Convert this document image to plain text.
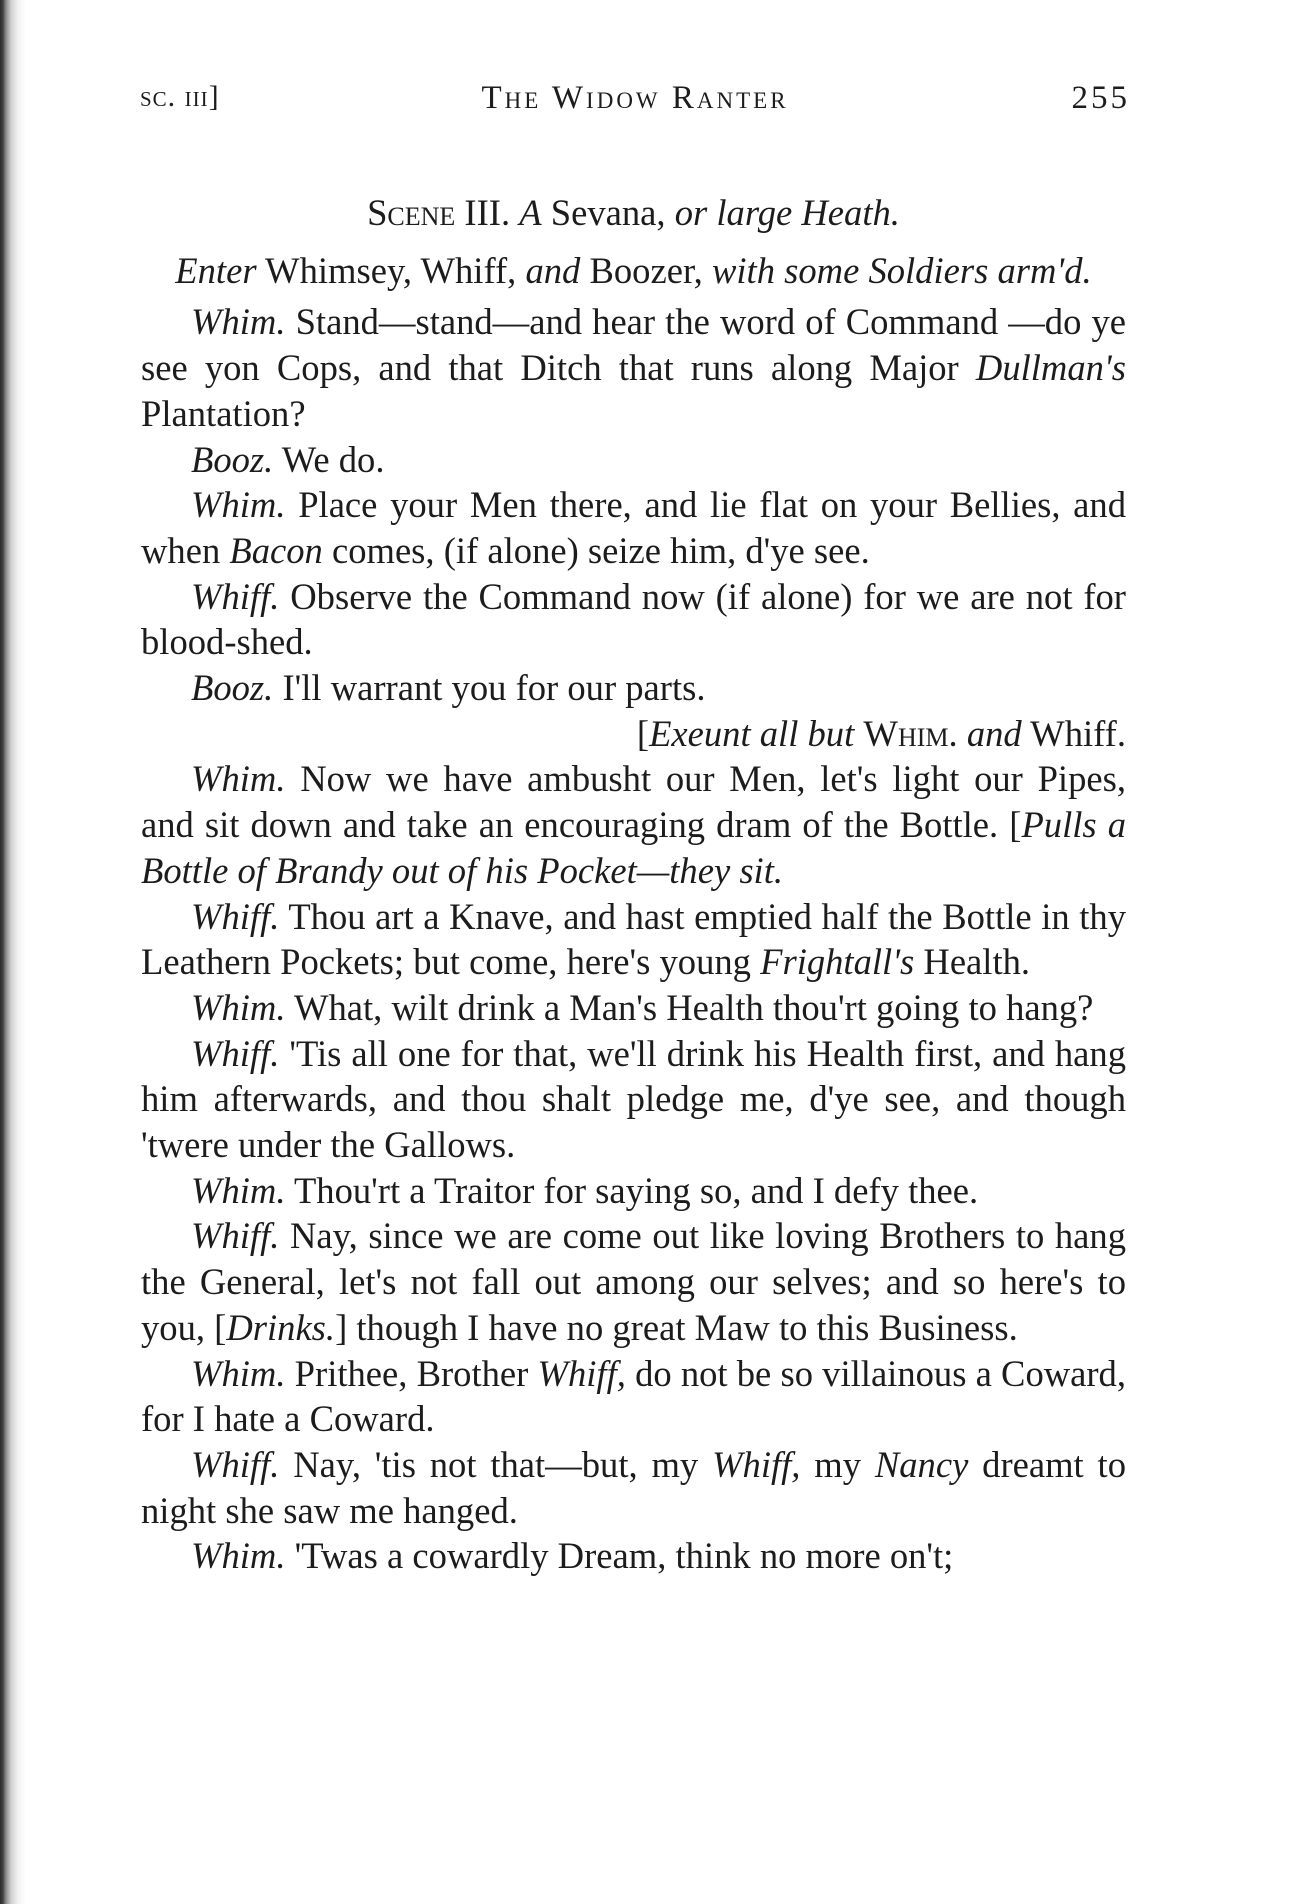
sc. iii]	The Widow Ranter	255
Scene III. A Sevana, or large Heath.
Enter Whimsey, Whiff, and Boozer, with some Soldiers arm'd.

Whim. Stand—stand—and hear the word of Command —do ye see yon Cops, and that Ditch that runs along Major Dullman's Plantation?

Booz. We do.

Whim. Place your Men there, and lie flat on your Bellies, and when Bacon comes, (if alone) seize him, d'ye see.

Whiff. Observe the Command now (if alone) for we are not for blood-shed.

Booz. I'll warrant you for our parts.

[Exeunt all but Whim. and Whiff.

Whim. Now we have ambusht our Men, let's light our Pipes, and sit down and take an encouraging dram of the Bottle. [Pulls a Bottle of Brandy out of his Pocket—they sit.

Whiff. Thou art a Knave, and hast emptied half the Bottle in thy Leathern Pockets; but come, here's young Frightall's Health.

Whim. What, wilt drink a Man's Health thou'rt going to hang?

Whiff. 'Tis all one for that, we'll drink his Health first, and hang him afterwards, and thou shalt pledge me, d'ye see, and though 'twere under the Gallows.

Whim. Thou'rt a Traitor for saying so, and I defy thee.

Whiff. Nay, since we are come out like loving Brothers to hang the General, let's not fall out among our selves; and so here's to you, [Drinks.] though I have no great Maw to this Business.

Whim. Prithee, Brother Whiff, do not be so villainous a Coward, for I hate a Coward.

Whiff. Nay, 'tis not that—but, my Whiff, my Nancy dreamt to night she saw me hanged.

Whim. 'Twas a cowardly Dream, think no more on't;
